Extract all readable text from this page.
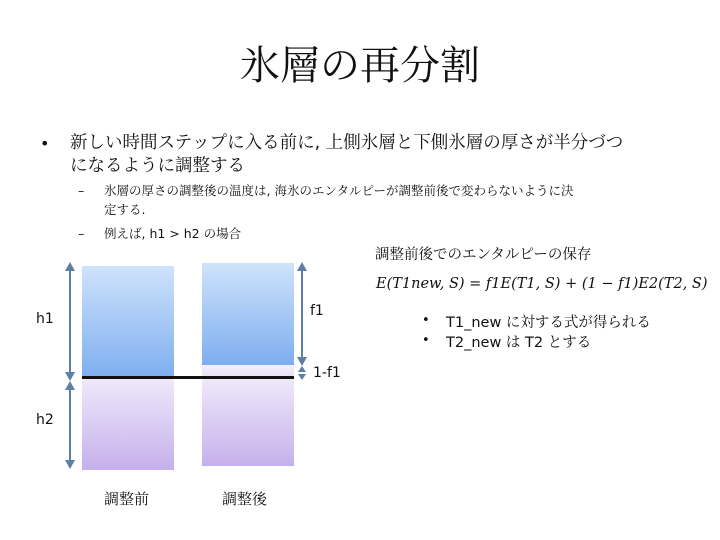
氷層の再分割
• 新しい時間ステップに入る前に, 上側氷層と下側氷層の厚さが半分づつ
になるように調整する
– 氷層の厚さの調整後の温度は, 海氷のエンタルピーが調整前後で変わらないように決
定する.
– 例えば, h1 > h2 の場合
h1
h2
f1
1-f1
調整前	調整後
調整前後でのエンタルピーの保存
E(T1new, S) = f1E(T1, S) + (1 − f1)E2(T2, S)
• T1_new に対する式が得られる
• T2_new は T2 とする
